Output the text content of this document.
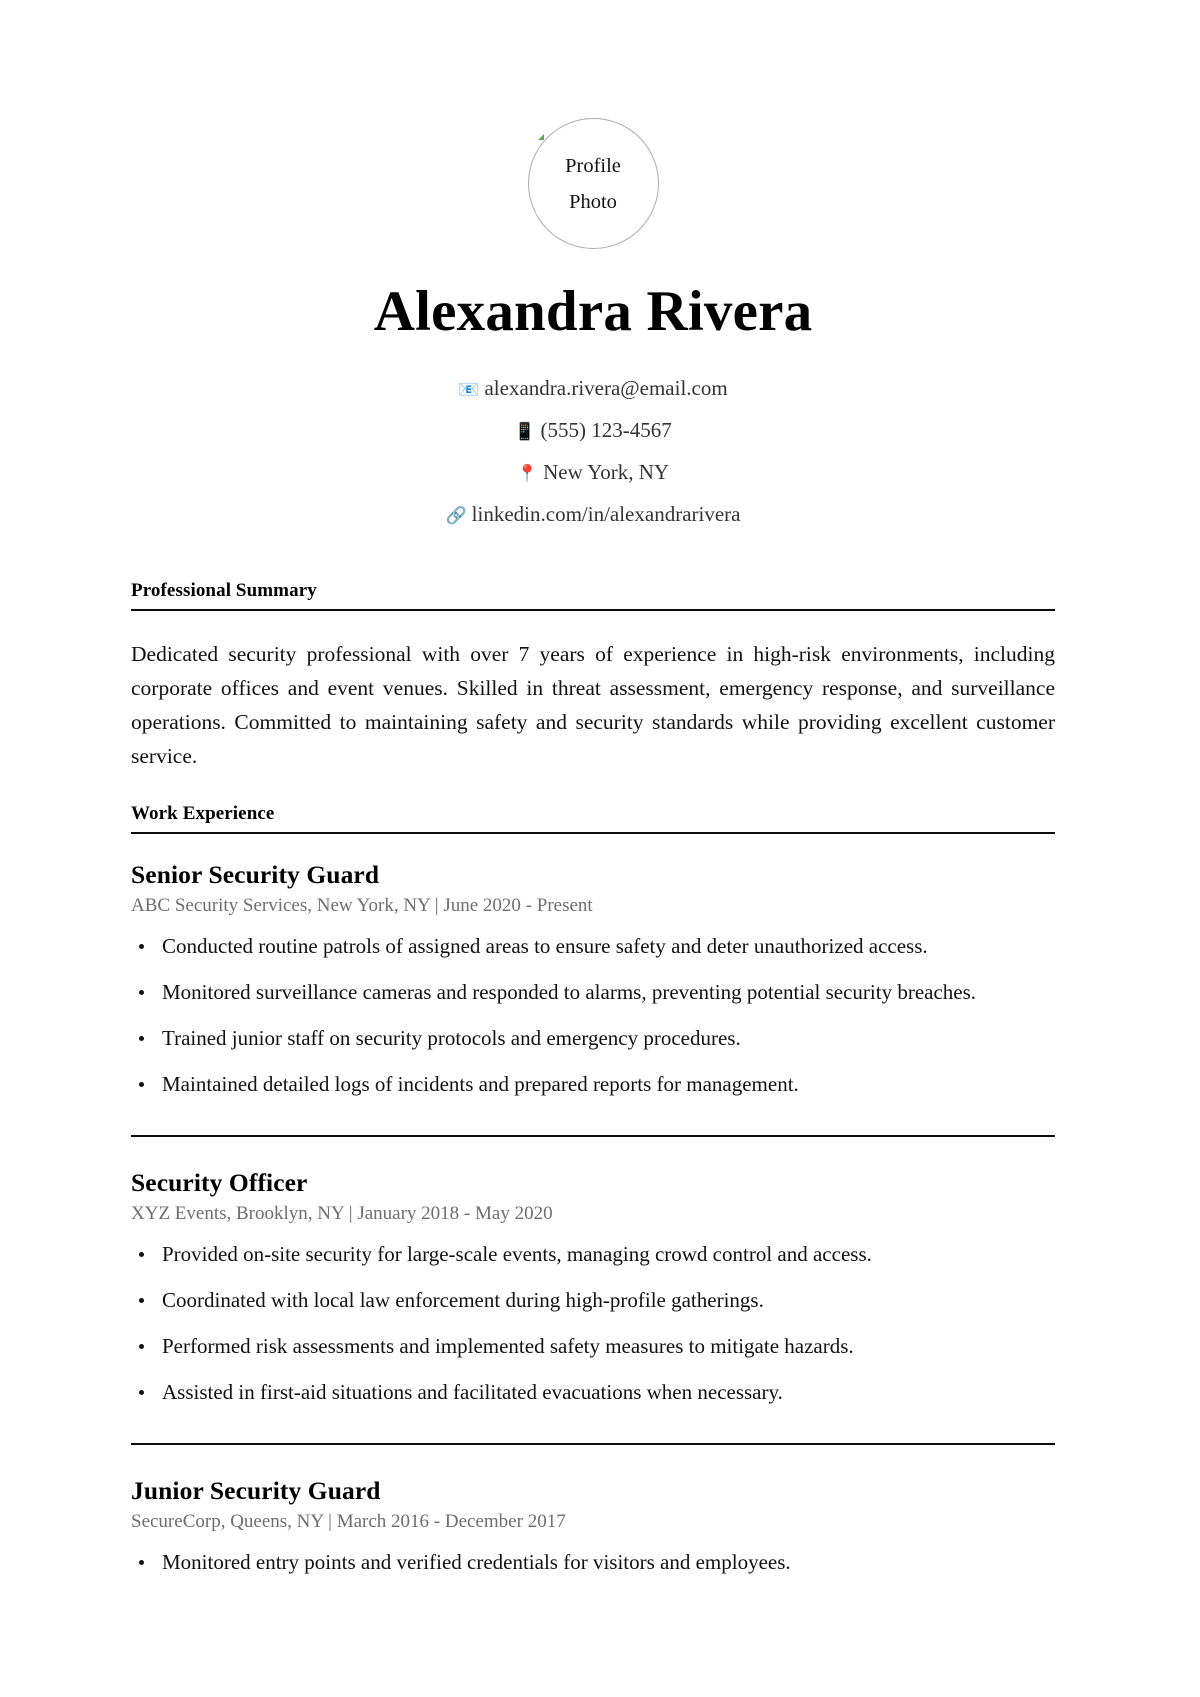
Profile
Photo
Alexandra Rivera
📧 alexandra.rivera@email.com
📱 (555) 123-4567
📍 New York, NY
🔗 linkedin.com/in/alexandrarivera
Professional Summary

Dedicated security professional with over 7 years of experience in high-risk environments, including corporate offices and event venues. Skilled in threat assessment, emergency response, and surveillance operations. Committed to maintaining safety and security standards while providing excellent customer service.

Work Experience
Senior Security Guard
ABC Security Services, New York, NY | June 2020 - Present
Conducted routine patrols of assigned areas to ensure safety and deter unauthorized access.
Monitored surveillance cameras and responded to alarms, preventing potential security breaches.
Trained junior staff on security protocols and emergency procedures.
Maintained detailed logs of incidents and prepared reports for management.
Security Officer
XYZ Events, Brooklyn, NY | January 2018 - May 2020
Provided on-site security for large-scale events, managing crowd control and access.
Coordinated with local law enforcement during high-profile gatherings.
Performed risk assessments and implemented safety measures to mitigate hazards.
Assisted in first-aid situations and facilitated evacuations when necessary.
Junior Security Guard
SecureCorp, Queens, NY | March 2016 - December 2017
Monitored entry points and verified credentials for visitors and employees.
